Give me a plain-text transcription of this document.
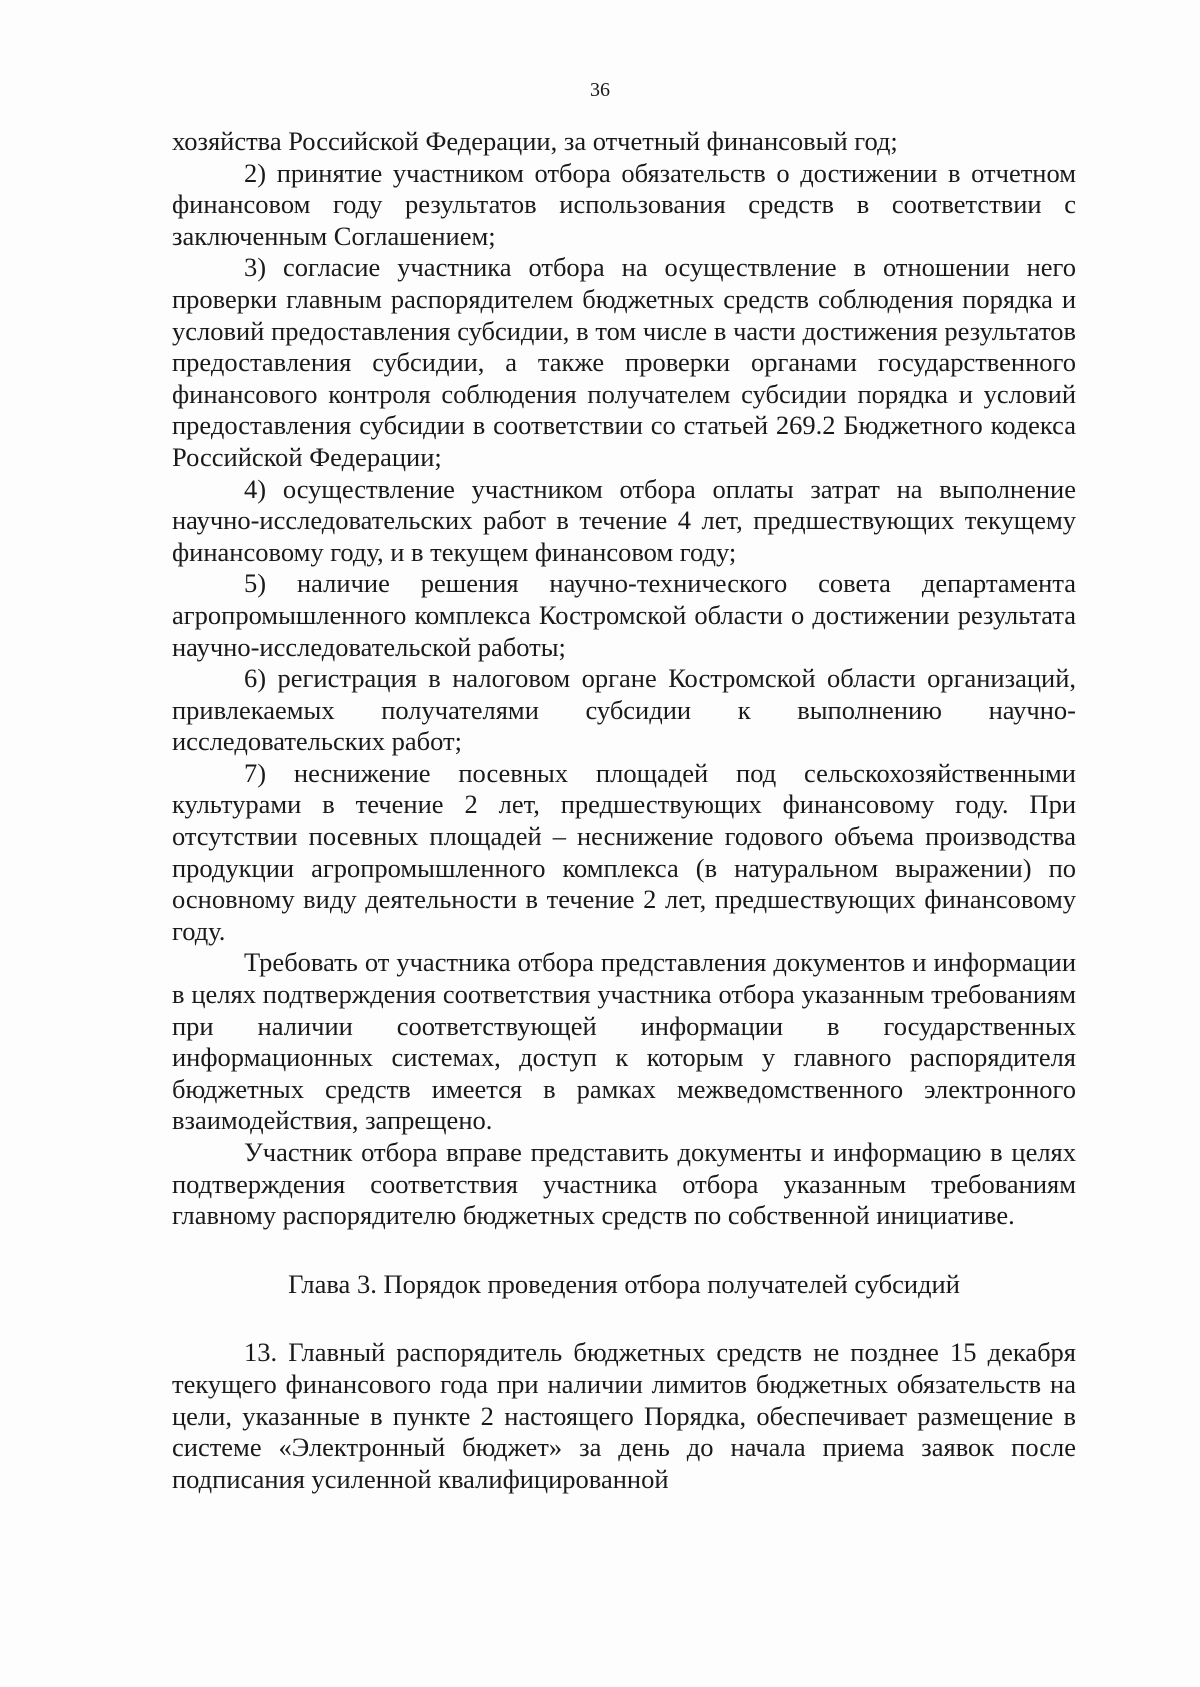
36

хозяйства Российской Федерации, за отчетный финансовый год;

2) принятие участником отбора обязательств о достижении в отчетном финансовом году результатов использования средств в соответствии с заключенным Соглашением;

3) согласие участника отбора на осуществление в отношении него проверки главным распорядителем бюджетных средств соблюдения порядка и условий предоставления субсидии, в том числе в части достижения результатов предоставления субсидии, а также проверки органами государственного финансового контроля соблюдения получателем субсидии порядка и условий предоставления субсидии в соответствии со статьей 269.2 Бюджетного кодекса Российской Федерации;

4) осуществление участником отбора оплаты затрат на выполнение научно-исследовательских работ в течение 4 лет, предшествующих текущему финансовому году, и в текущем финансовом году;

5) наличие решения научно-технического совета департамента агропромышленного комплекса Костромской области о достижении результата научно-исследовательской работы;

6) регистрация в налоговом органе Костромской области организаций, привлекаемых получателями субсидии к выполнению научно-исследовательских работ;

7) неснижение посевных площадей под сельскохозяйственными культурами в течение 2 лет, предшествующих финансовому году. При отсутствии посевных площадей – неснижение годового объема производства продукции агропромышленного комплекса (в натуральном выражении) по основному виду деятельности в течение 2 лет, предшествующих финансовому году.

Требовать от участника отбора представления документов и информации в целях подтверждения соответствия участника отбора указанным требованиям при наличии соответствующей информации в государственных информационных системах, доступ к которым у главного распорядителя бюджетных средств имеется в рамках межведомственного электронного взаимодействия, запрещено.

Участник отбора вправе представить документы и информацию в целях подтверждения соответствия участника отбора указанным требованиям главному распорядителю бюджетных средств по собственной инициативе.

Глава 3. Порядок проведения отбора получателей субсидий

13. Главный распорядитель бюджетных средств не позднее 15 декабря текущего финансового года при наличии лимитов бюджетных обязательств на цели, указанные в пункте 2 настоящего Порядка, обеспечивает размещение в системе «Электронный бюджет» за день до начала приема заявок после подписания усиленной квалифицированной
